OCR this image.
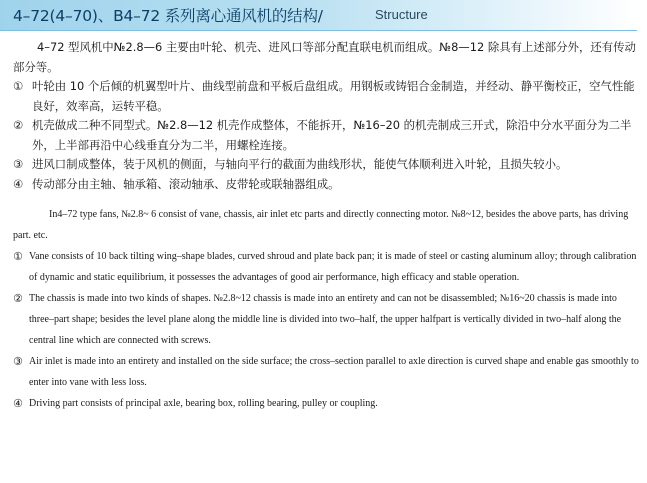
4–72(4–70)、B4–72 系列离心通风机的结构/	Structure

4–72 型风机中№2.8—6 主要由叶轮、机壳、进风口等部分配直联电机而组成。№8—12 除具有上述部分外，还有传动部分等。

① 叶轮由 10 个后倾的机翼型叶片、曲线型前盘和平板后盘组成。用钢板或铸铝合金制造，并经动、静平衡校正，空气性能良好，效率高，运转平稳。

② 机壳做成二种不同型式。№2.8—12 机壳作成整体，不能拆开，№16–20 的机壳制成三开式，除沿中分水平面分为二半外，上半部再沿中心线垂直分为二半，用螺栓连接。

③ 进风口制成整体，装于风机的侧面，与轴向平行的截面为曲线形状，能使气体顺利进入叶轮，且损失较小。

④ 传动部分由主轴、轴承箱、滚动轴承、皮带轮或联轴器组成。

In4–72 type fans, №2.8~ 6 consist of vane, chassis, air inlet etc parts and directly connecting motor. №8~12, besides the above parts, has driving part. etc.

① Vane consists of 10 back tilting wing–shape blades, curved shroud and plate back pan; it is made of steel or casting aluminum alloy; through calibration of dynamic and static equilibrium, it possesses the advantages of good air performance, high efficacy and stable operation.

② The chassis is made into two kinds of shapes. №2.8~12 chassis is made into an entirety and can not be disassembled; №16~20 chassis is made into three–part shape; besides the level plane along the middle line is divided into two–half, the upper halfpart is vertically divided in two–half along the central line which are connected with screws.

③ Air inlet is made into an entirety and installed on the side surface; the cross–section parallel to axle direction is curved shape and enable gas smoothly to enter into vane with less loss.

④ Driving part consists of principal axle, bearing box, rolling bearing, pulley or coupling.
